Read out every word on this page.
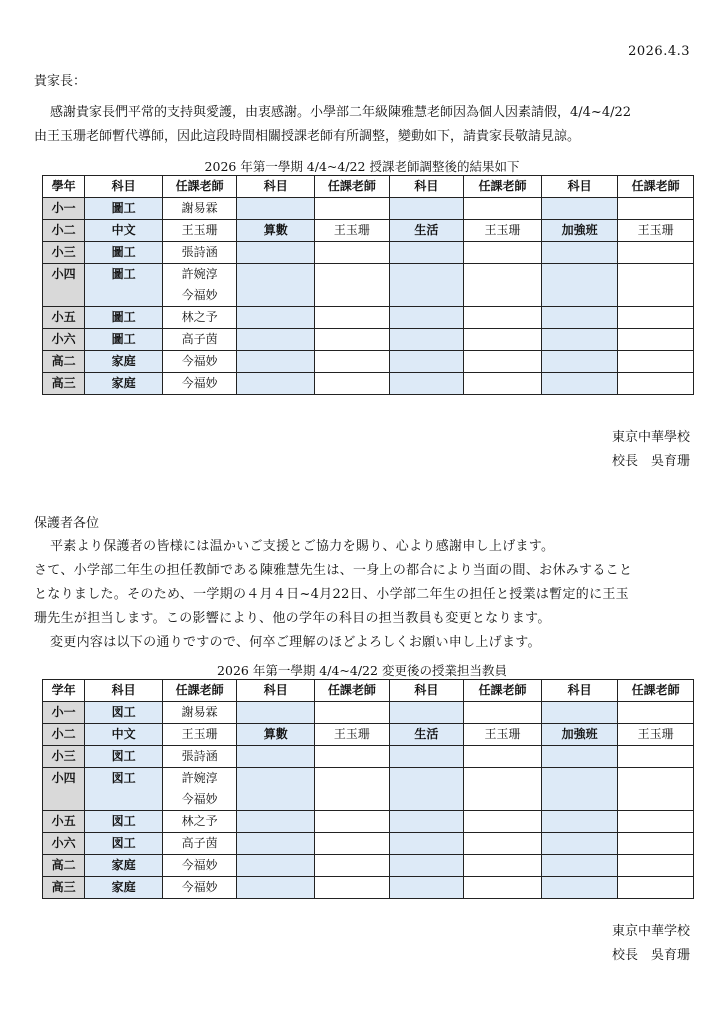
2026.4.3

貴家長：

感謝貴家長們平常的支持與愛護，由衷感謝。小學部二年級陳雅慧老師因為個人因素請假，4/4~4/22

由王玉珊老師暫代導師，因此這段時間相關授課老師有所調整，變動如下，請貴家長敬請見諒。

2026 年第一學期 4/4~4/22 授課老師調整後的結果如下

學年	科目	任課老師	科目	任課老師	科目	任課老師	科目	任課老師
小一	圖工	謝易霖						

小二	中文	王玉珊	算數	王玉珊	生活	王玉珊	加強班	王玉珊
小三	圖工	張詩涵						

小四	圖工	許婉淳
今福妙						

小五	圖工	林之予						

小六	圖工	高子茵						

高二	家庭	今福妙						

高三	家庭	今福妙						

東京中華學校
校長　吳育珊

保護者各位

平素より保護者の皆様には温かいご支援とご協力を賜り、心より感謝申し上げます。

さて、小学部二年生の担任教師である陳雅慧先生は、一身上の都合により当面の間、お休みすること

となりました。そのため、一学期の４月４日~4月22日、小学部二年生の担任と授業は暫定的に王玉

珊先生が担当します。この影響により、他の学年の科目の担当教員も変更となります。

変更内容は以下の通りですので、何卒ご理解のほどよろしくお願い申し上げます。

2026 年第一學期 4/4~4/22 変更後の授業担当教員

学年	科目	任課老師	科目	任課老師	科目	任課老師	科目	任課老師
小一	図工	謝易霖						

小二	中文	王玉珊	算數	王玉珊	生活	王玉珊	加強班	王玉珊
小三	図工	張詩涵						

小四	図工	許婉淳
今福妙						

小五	図工	林之予						

小六	図工	高子茵						

高二	家庭	今福妙						

高三	家庭	今福妙						

東京中華学校
校長　吳育珊
